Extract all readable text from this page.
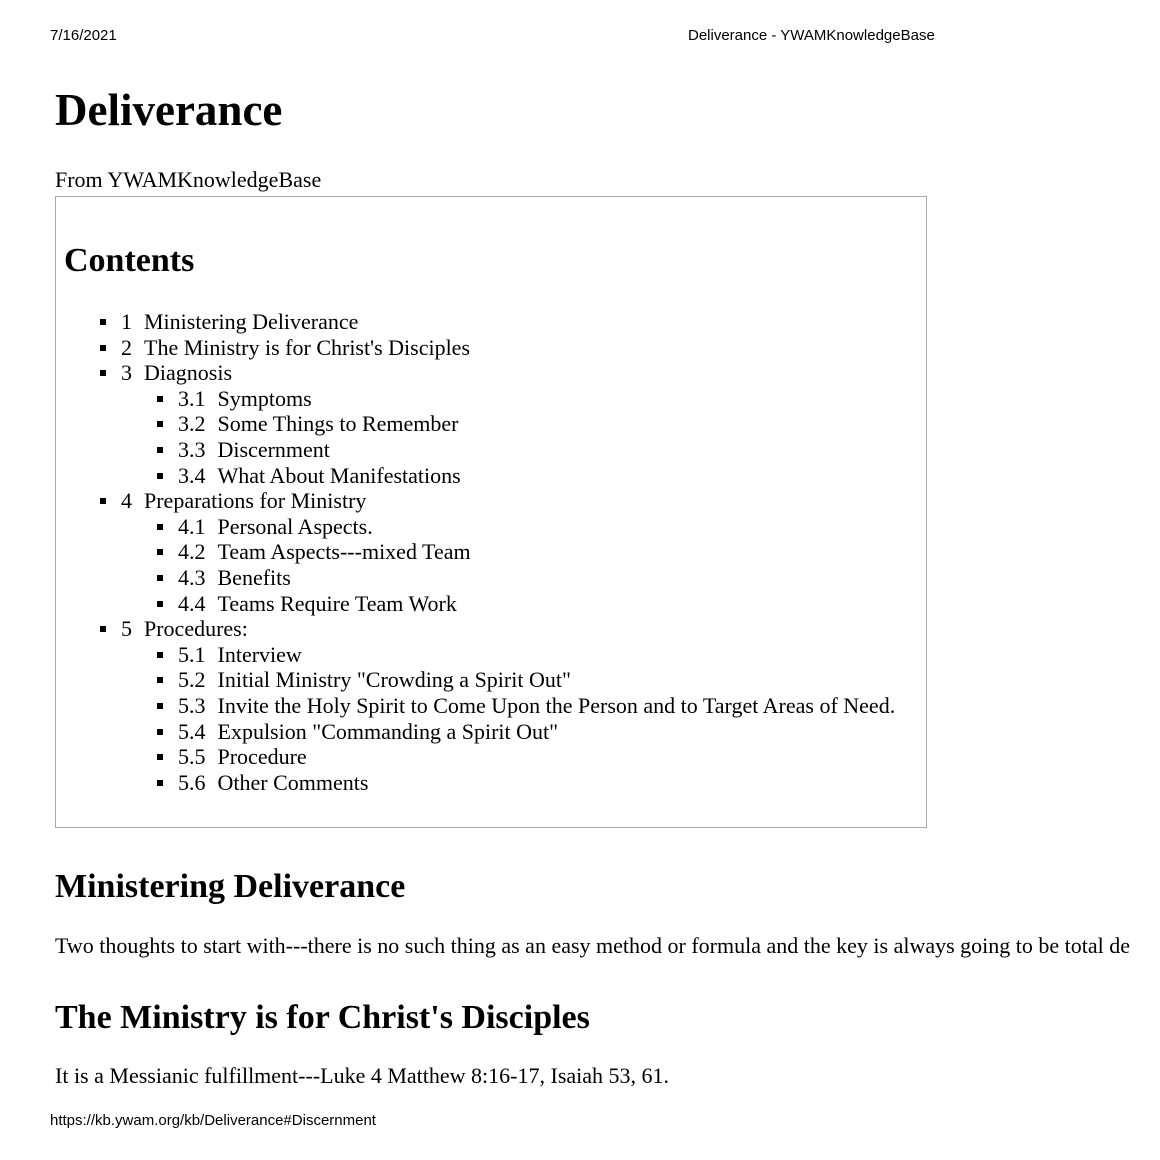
7/16/2021	Deliverance - YWAMKnowledgeBase
Deliverance
From YWAMKnowledgeBase
Contents
1 Ministering Deliverance
2 The Ministry is for Christ's Disciples
3 Diagnosis
3.1 Symptoms
3.2 Some Things to Remember
3.3 Discernment
3.4 What About Manifestations
4 Preparations for Ministry
4.1 Personal Aspects.
4.2 Team Aspects---mixed Team
4.3 Benefits
4.4 Teams Require Team Work
5 Procedures:
5.1 Interview
5.2 Initial Ministry "Crowding a Spirit Out"
5.3 Invite the Holy Spirit to Come Upon the Person and to Target Areas of Need.
5.4 Expulsion "Commanding a Spirit Out"
5.5 Procedure
5.6 Other Comments
Ministering Deliverance

Two thoughts to start with---there is no such thing as an easy method or formula and the key is always going to be total de

The Ministry is for Christ's Disciples

It is a Messianic fulfillment---Luke 4 Matthew 8:16-17, Isaiah 53, 61.

https://kb.ywam.org/kb/Deliverance#Discernment
